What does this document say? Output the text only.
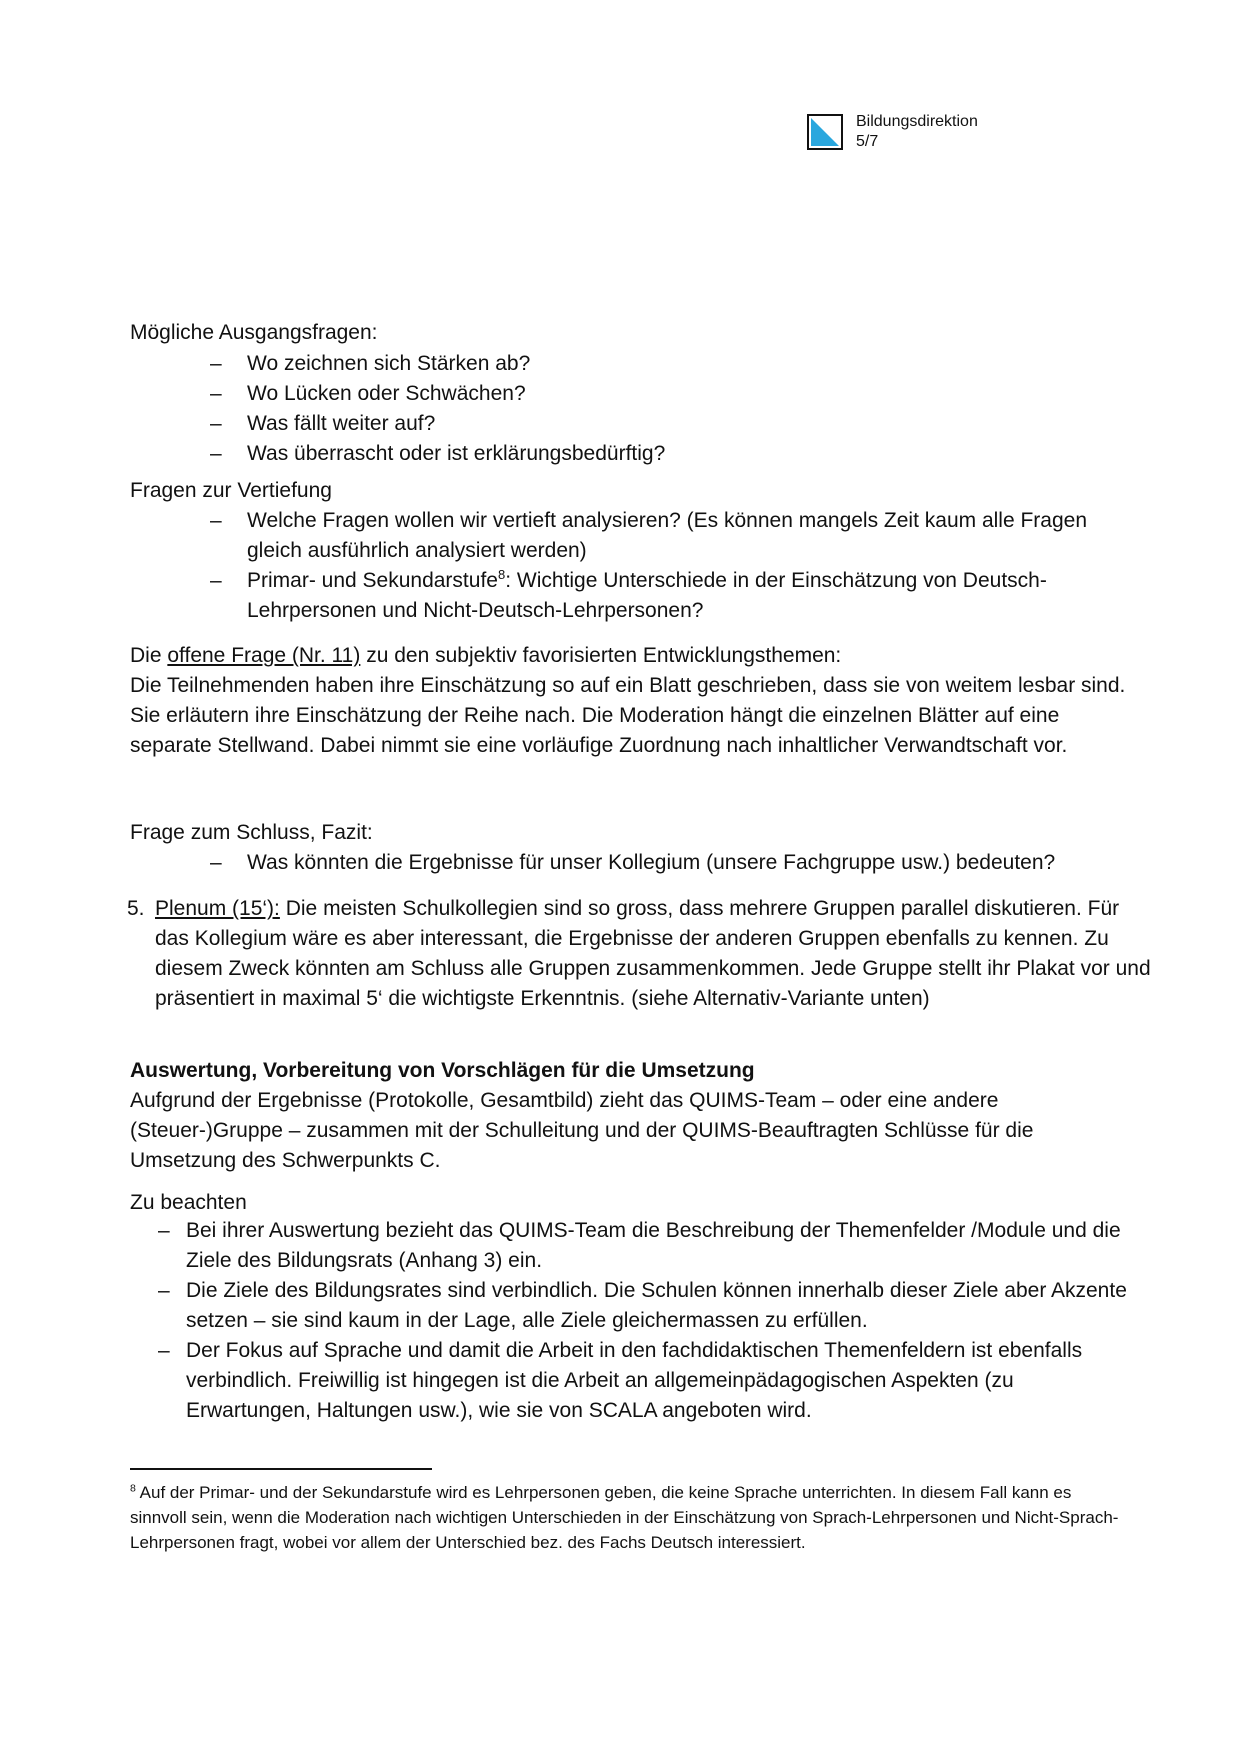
Bildungsdirektion
5/7
Mögliche Ausgangsfragen:
– Wo zeichnen sich Stärken ab?
– Wo Lücken oder Schwächen?
– Was fällt weiter auf?
– Was überrascht oder ist erklärungsbedürftig?
Fragen zur Vertiefung
– Welche Fragen wollen wir vertieft analysieren? (Es können mangels Zeit kaum alle Fragen gleich ausführlich analysiert werden)
– Primar- und Sekundarstufe$^8$: Wichtige Unterschiede in der Einschätzung von Deutsch-Lehrpersonen und Nicht-Deutsch-Lehrpersonen?
Die offene Frage (Nr. 11) zu den subjektiv favorisierten Entwicklungsthemen:
Die Teilnehmenden haben ihre Einschätzung so auf ein Blatt geschrieben, dass sie von weitem lesbar sind. Sie erläutern ihre Einschätzung der Reihe nach. Die Moderation hängt die einzelnen Blätter auf eine separate Stellwand. Dabei nimmt sie eine vorläufige Zuordnung nach inhaltlicher Verwandtschaft vor.
Frage zum Schluss, Fazit:
– Was könnten die Ergebnisse für unser Kollegium (unsere Fachgruppe usw.) bedeuten?
5. Plenum (15‘): Die meisten Schulkollegien sind so gross, dass mehrere Gruppen parallel diskutieren. Für das Kollegium wäre es aber interessant, die Ergebnisse der anderen Gruppen ebenfalls zu kennen. Zu diesem Zweck könnten am Schluss alle Gruppen zusammenkommen. Jede Gruppe stellt ihr Plakat vor und präsentiert in maximal 5‘ die wichtigste Erkenntnis. (siehe Alternativ-Variante unten)
Auswertung, Vorbereitung von Vorschlägen für die Umsetzung
Aufgrund der Ergebnisse (Protokolle, Gesamtbild) zieht das QUIMS-Team – oder eine andere (Steuer-)Gruppe – zusammen mit der Schulleitung und der QUIMS-Beauftragten Schlüsse für die Umsetzung des Schwerpunkts C.
Zu beachten
– Bei ihrer Auswertung bezieht das QUIMS-Team die Beschreibung der Themenfelder /Module und die Ziele des Bildungsrats (Anhang 3) ein.
– Die Ziele des Bildungsrates sind verbindlich. Die Schulen können innerhalb dieser Ziele aber Akzente setzen – sie sind kaum in der Lage, alle Ziele gleichermassen zu erfüllen.
– Der Fokus auf Sprache und damit die Arbeit in den fachdidaktischen Themenfeldern ist ebenfalls verbindlich. Freiwillig ist hingegen ist die Arbeit an allgemeinpädagogischen Aspekten (zu Erwartungen, Haltungen usw.), wie sie von SCALA angeboten wird.
$^8$ Auf der Primar- und der Sekundarstufe wird es Lehrpersonen geben, die keine Sprache unterrichten. In diesem Fall kann es sinnvoll sein, wenn die Moderation nach wichtigen Unterschieden in der Einschätzung von Sprach-Lehrpersonen und Nicht-Sprach-Lehrpersonen fragt, wobei vor allem der Unterschied bez. des Fachs Deutsch interessiert.
